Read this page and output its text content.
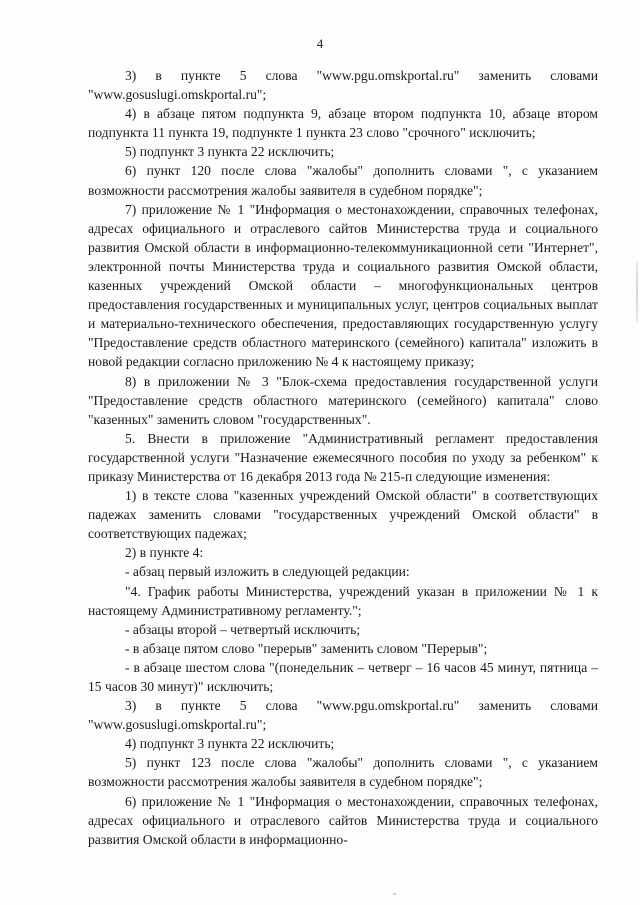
4

3) в пункте 5 слова "www.pgu.omskportal.ru" заменить словами "www.gosuslugi.omskportal.ru";

4) в абзаце пятом подпункта 9, абзаце втором подпункта 10, абзаце втором подпункта 11 пункта 19, подпункте 1 пункта 23 слово "срочного" исключить;

5) подпункт 3 пункта 22 исключить;

6) пункт 120 после слова "жалобы" дополнить словами ", с указанием возможности рассмотрения жалобы заявителя в судебном порядке";

7) приложение № 1 "Информация о местонахождении, справочных телефонах, адресах официального и отраслевого сайтов Министерства труда и социального развития Омской области в информационно-телекоммуникационной сети "Интернет", электронной почты Министерства труда и социального развития Омской области, казенных учреждений Омской области – многофункциональных центров предоставления государственных и муниципальных услуг, центров социальных выплат и материально-технического обеспечения, предоставляющих государственную услугу "Предоставление средств областного материнского (семейного) капитала" изложить в новой редакции согласно приложению № 4 к настоящему приказу;

8) в приложении № 3 "Блок-схема предоставления государственной услуги "Предоставление средств областного материнского (семейного) капитала" слово "казенных" заменить словом "государственных".

5. Внести в приложение "Административный регламент предоставления государственной услуги "Назначение ежемесячного пособия по уходу за ребенком" к приказу Министерства от 16 декабря 2013 года № 215-п следующие изменения:

1) в тексте слова "казенных учреждений Омской области" в соответствующих падежах заменить словами "государственных учреждений Омской области" в соответствующих падежах;

2) в пункте 4:

- абзац первый изложить в следующей редакции:

"4. График работы Министерства, учреждений указан в приложении № 1 к настоящему Административному регламенту.";

- абзацы второй – четвертый исключить;

- в абзаце пятом слово "перерыв" заменить словом "Перерыв";

- в абзаце шестом слова "(понедельник – четверг – 16 часов 45 минут, пятница – 15 часов 30 минут)" исключить;

3) в пункте 5 слова "www.pgu.omskportal.ru" заменить словами "www.gosuslugi.omskportal.ru";

4) подпункт 3 пункта 22 исключить;

5) пункт 123 после слова "жалобы" дополнить словами ", с указанием возможности рассмотрения жалобы заявителя в судебном порядке";

6) приложение № 1 "Информация о местонахождении, справочных телефонах, адресах официального и отраслевого сайтов Министерства труда и социального развития Омской области в информационно-
